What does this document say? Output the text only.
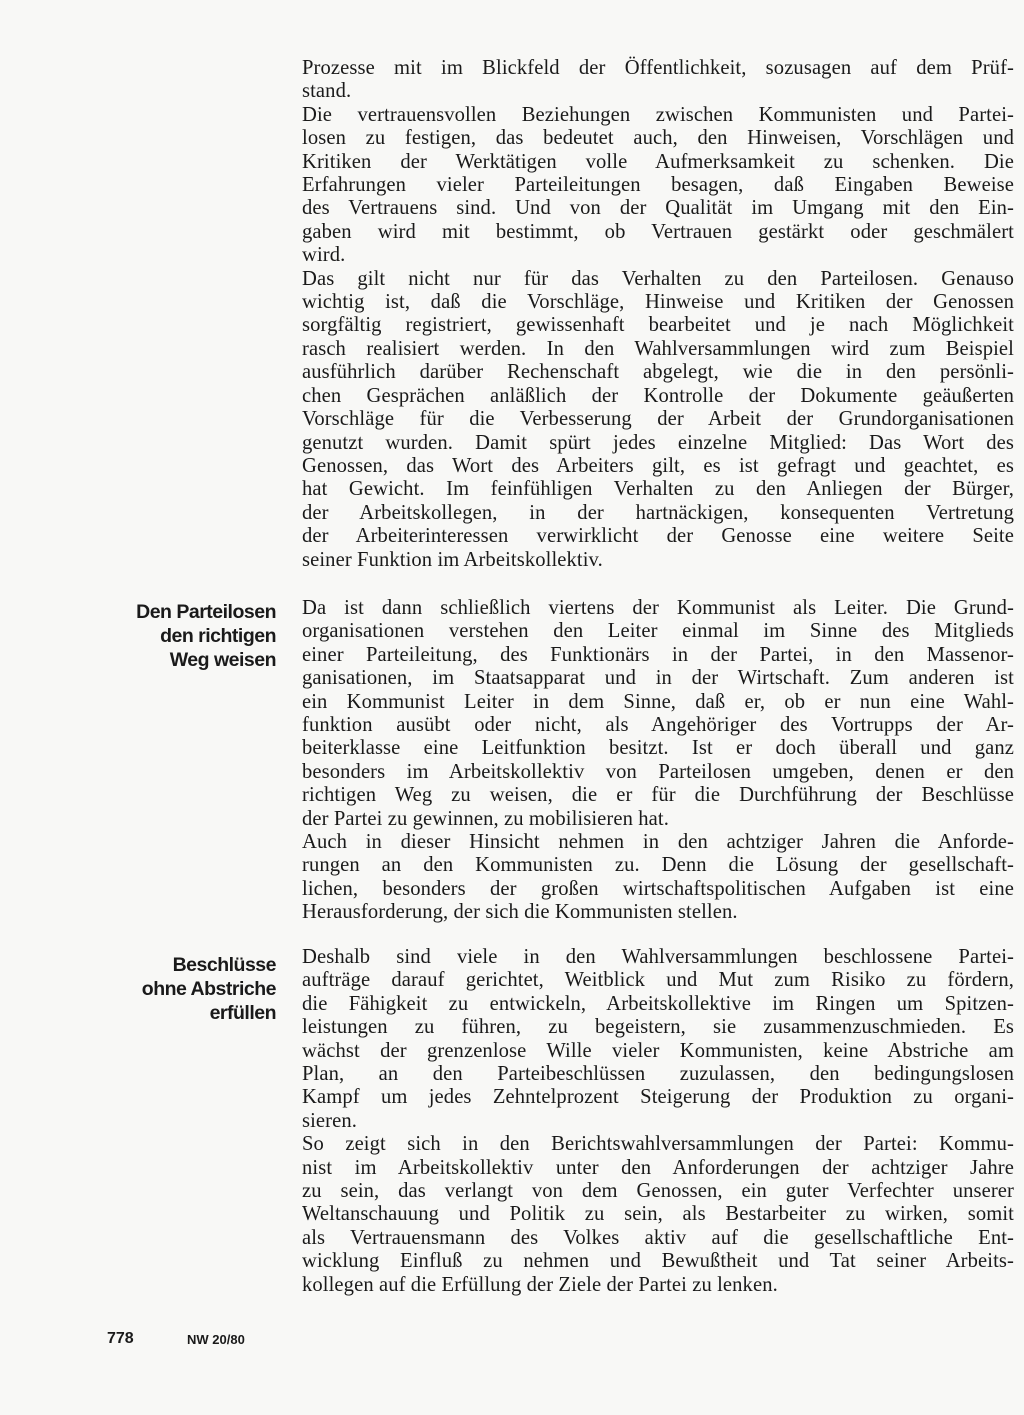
Prozesse mit im Blickfeld der Öffentlichkeit, sozusagen auf dem Prüf-
stand.
Die vertrauensvollen Beziehungen zwischen Kommunisten und Partei-
losen zu festigen, das bedeutet auch, den Hinweisen, Vorschlägen und
Kritiken der Werktätigen volle Aufmerksamkeit zu schenken. Die
Erfahrungen vieler Parteileitungen besagen, daß Eingaben Beweise
des Vertrauens sind. Und von der Qualität im Umgang mit den Ein-
gaben wird mit bestimmt, ob Vertrauen gestärkt oder geschmälert
wird.
Das gilt nicht nur für das Verhalten zu den Parteilosen. Genauso
wichtig ist, daß die Vorschläge, Hinweise und Kritiken der Genossen
sorgfältig registriert, gewissenhaft bearbeitet und je nach Möglichkeit
rasch realisiert werden. In den Wahlversammlungen wird zum Beispiel
ausführlich darüber Rechenschaft abgelegt, wie die in den persönli-
chen Gesprächen anläßlich der Kontrolle der Dokumente geäußerten
Vorschläge für die Verbesserung der Arbeit der Grundorganisationen
genutzt wurden. Damit spürt jedes einzelne Mitglied: Das Wort des
Genossen, das Wort des Arbeiters gilt, es ist gefragt und geachtet, es
hat Gewicht. Im feinfühligen Verhalten zu den Anliegen der Bürger,
der Arbeitskollegen, in der hartnäckigen, konsequenten Vertretung
der Arbeiterinteressen verwirklicht der Genosse eine weitere Seite
seiner Funktion im Arbeitskollektiv.
Den Parteilosen
den richtigen
Weg weisen
Da ist dann schließlich viertens der Kommunist als Leiter. Die Grund-
organisationen verstehen den Leiter einmal im Sinne des Mitglieds
einer Parteileitung, des Funktionärs in der Partei, in den Massenor-
ganisationen, im Staatsapparat und in der Wirtschaft. Zum anderen ist
ein Kommunist Leiter in dem Sinne, daß er, ob er nun eine Wahl-
funktion ausübt oder nicht, als Angehöriger des Vortrupps der Ar-
beiterklasse eine Leitfunktion besitzt. Ist er doch überall und ganz
besonders im Arbeitskollektiv von Parteilosen umgeben, denen er den
richtigen Weg zu weisen, die er für die Durchführung der Beschlüsse
der Partei zu gewinnen, zu mobilisieren hat.
Auch in dieser Hinsicht nehmen in den achtziger Jahren die Anforde-
rungen an den Kommunisten zu. Denn die Lösung der gesellschaft-
lichen, besonders der großen wirtschaftspolitischen Aufgaben ist eine
Herausforderung, der sich die Kommunisten stellen.
Beschlüsse
ohne Abstriche
erfüllen
Deshalb sind viele in den Wahlversammlungen beschlossene Partei-
aufträge darauf gerichtet, Weitblick und Mut zum Risiko zu fördern,
die Fähigkeit zu entwickeln, Arbeitskollektive im Ringen um Spitzen-
leistungen zu führen, zu begeistern, sie zusammenzuschmieden. Es
wächst der grenzenlose Wille vieler Kommunisten, keine Abstriche am
Plan, an den Parteibeschlüssen zuzulassen, den bedingungslosen
Kampf um jedes Zehntelprozent Steigerung der Produktion zu organi-
sieren.
So zeigt sich in den Berichtswahlversammlungen der Partei: Kommu-
nist im Arbeitskollektiv unter den Anforderungen der achtziger Jahre
zu sein, das verlangt von dem Genossen, ein guter Verfechter unserer
Weltanschauung und Politik zu sein, als Bestarbeiter zu wirken, somit
als Vertrauensmann des Volkes aktiv auf die gesellschaftliche Ent-
wicklung Einfluß zu nehmen und Bewußtheit und Tat seiner Arbeits-
kollegen auf die Erfüllung der Ziele der Partei zu lenken.
778	NW 20/80
